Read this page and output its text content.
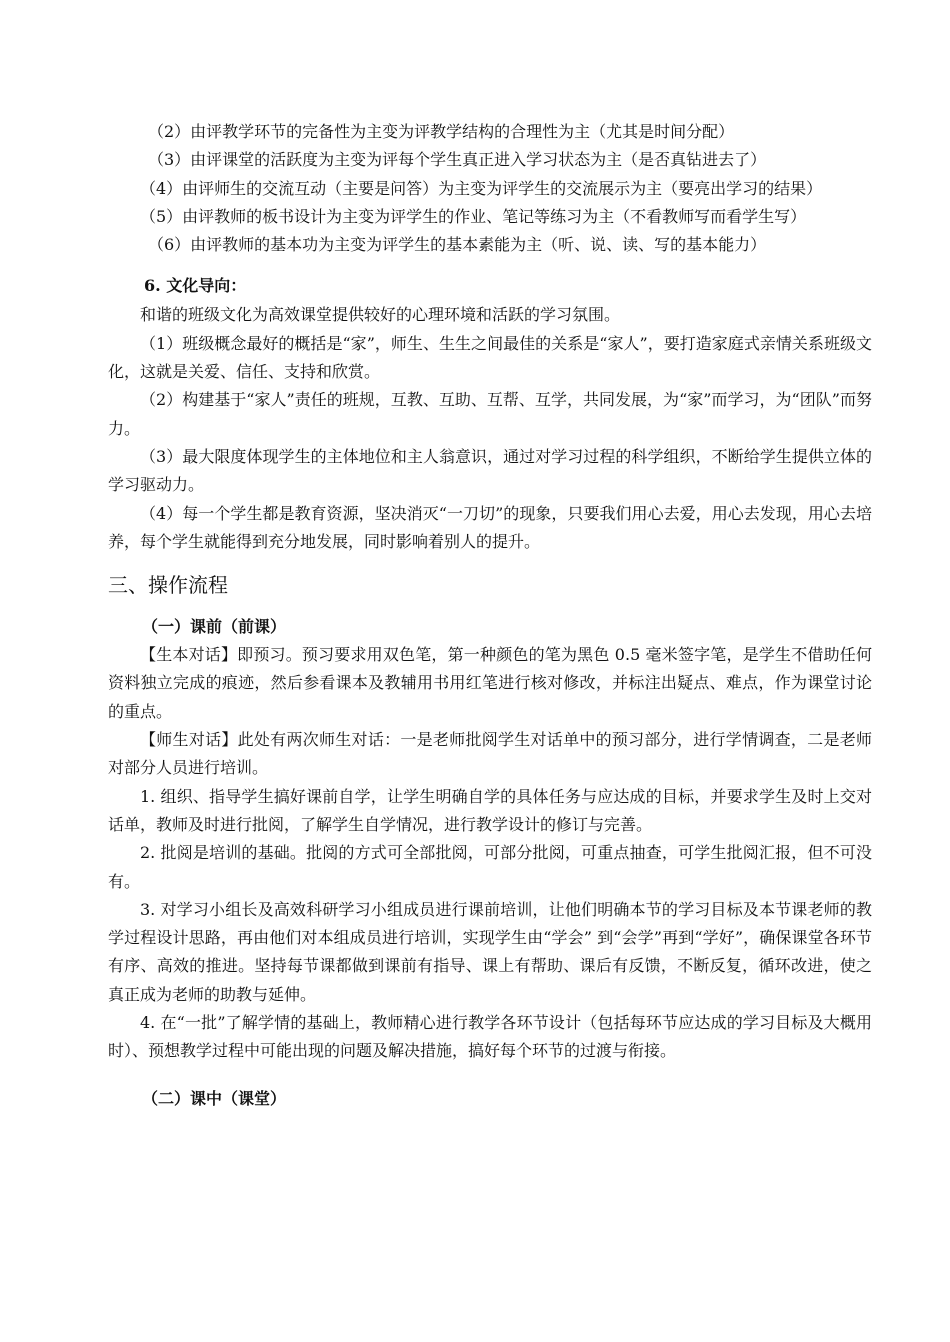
（2）由评教学环节的完备性为主变为评教学结构的合理性为主（尤其是时间分配）

（3）由评课堂的活跃度为主变为评每个学生真正进入学习状态为主（是否真钻进去了）

（4）由评师生的交流互动（主要是问答）为主变为评学生的交流展示为主（要亮出学习的结果）

（5）由评教师的板书设计为主变为评学生的作业、笔记等练习为主（不看教师写而看学生写）

（6）由评教师的基本功为主变为评学生的基本素能为主（听、说、读、写的基本能力）

6. 文化导向：

和谐的班级文化为高效课堂提供较好的心理环境和活跃的学习氛围。

（1）班级概念最好的概括是“家”，师生、生生之间最佳的关系是“家人”，要打造家庭式亲情关系班级文化，这就是关爱、信任、支持和欣赏。

（2）构建基于“家人”责任的班规，互教、互助、互帮、互学，共同发展，为“家”而学习，为“团队”而努力。

（3）最大限度体现学生的主体地位和主人翁意识，通过对学习过程的科学组织，不断给学生提供立体的学习驱动力。

（4）每一个学生都是教育资源，坚决消灭“一刀切”的现象，只要我们用心去爱，用心去发现，用心去培养，每个学生就能得到充分地发展，同时影响着别人的提升。

三、操作流程
（一）课前（前课）

【生本对话】即预习。预习要求用双色笔，第一种颜色的笔为黑色 0.5 毫米签字笔，是学生不借助任何资料独立完成的痕迹，然后参看课本及教辅用书用红笔进行核对修改，并标注出疑点、难点，作为课堂讨论的重点。

【师生对话】此处有两次师生对话：一是老师批阅学生对话单中的预习部分，进行学情调查，二是老师对部分人员进行培训。

1. 组织、指导学生搞好课前自学，让学生明确自学的具体任务与应达成的目标，并要求学生及时上交对话单，教师及时进行批阅，了解学生自学情况，进行教学设计的修订与完善。

2. 批阅是培训的基础。批阅的方式可全部批阅，可部分批阅，可重点抽查，可学生批阅汇报，但不可没有。

3. 对学习小组长及高效科研学习小组成员进行课前培训，让他们明确本节的学习目标及本节课老师的教学过程设计思路，再由他们对本组成员进行培训，实现学生由“学会” 到“会学”再到“学好”，确保课堂各环节有序、高效的推进。坚持每节课都做到课前有指导、课上有帮助、课后有反馈，不断反复，循环改进，使之真正成为老师的助教与延伸。

4. 在“一批”了解学情的基础上，教师精心进行教学各环节设计（包括每环节应达成的学习目标及大概用时）、预想教学过程中可能出现的问题及解决措施，搞好每个环节的过渡与衔接。

（二）课中（课堂）
